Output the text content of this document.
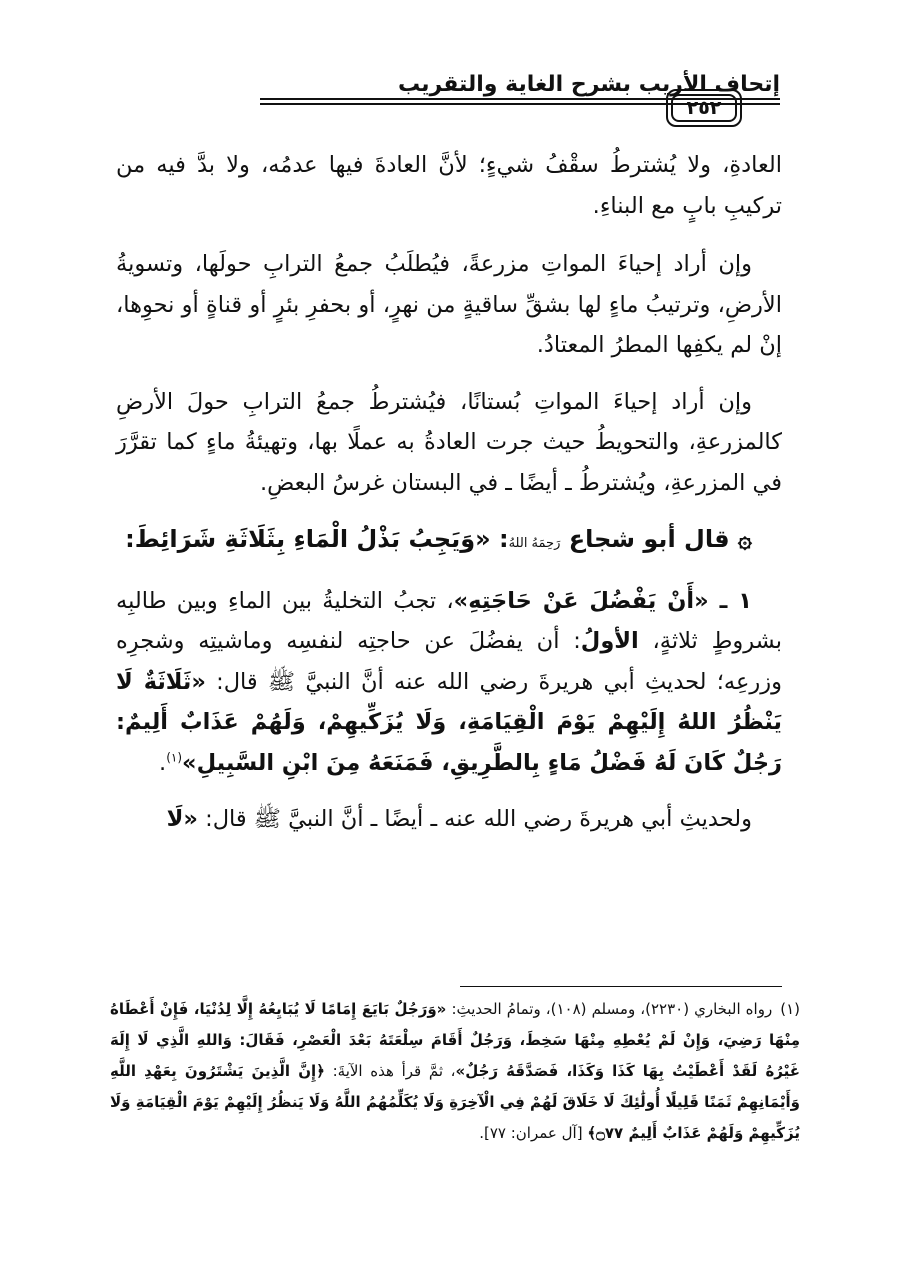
إتحاف الأريب بشرح الغاية والتقريب
٢٥٢

العادةِ، ولا يُشترطُ سقْفُ شيءٍ؛ لأنَّ العادةَ فيها عدمُه، ولا بدَّ فيه من تركيبِ بابٍ مع البناءِ.

وإن أراد إحياءَ المواتِ مزرعةً، فيُطلَبُ جمعُ الترابِ حولَها، وتسويةُ الأرضِ، وترتيبُ ماءٍ لها بشقِّ ساقيةٍ من نهرٍ، أو بحفرِ بئرٍ أو قناةٍ أو نحوِها، إنْ لم يكفِها المطرُ المعتادُ.

وإن أراد إحياءَ المواتِ بُستانًا، فيُشترطُ جمعُ الترابِ حولَ الأرضِ كالمزرعةِ، والتحويطُ حيث جرت العادةُ به عملًا بها، وتهيئةُ ماءٍ كما تقرَّرَ في المزرعةِ، ويُشترطُ ـ أيضًا ـ في البستان غرسُ البعضِ.

۞ قال أبو شجاع رَحِمَهُ اللهُ: «وَيَجِبُ بَذْلُ الْمَاءِ بِثَلَاثَةِ شَرَائِطَ:

١ ـ «أَنْ يَفْضُلَ عَنْ حَاجَتِهِ»، تجبُ التخليةُ بين الماءِ وبين طالبِه بشروطٍ ثلاثةٍ، الأولُ: أن يفضُلَ عن حاجتِه لنفسِه وماشيتِه وشجرِه وزرعِه؛ لحديثِ أبي هريرةَ رضي الله عنه أنَّ النبيَّ ﷺ قال: «ثَلَاثَةٌ لَا يَنْظُرُ اللهُ إِلَيْهِمْ يَوْمَ الْقِيَامَةِ، وَلَا يُزَكِّيهِمْ، وَلَهُمْ عَذَابٌ أَلِيمٌ: رَجُلٌ كَانَ لَهُ فَضْلُ مَاءٍ بِالطَّرِيقِ، فَمَنَعَهُ مِنَ ابْنِ السَّبِيلِ»$^{(١)}$.

ولحديثِ أبي هريرةَ رضي الله عنه ـ أيضًا ـ أنَّ النبيَّ ﷺ قال: «لَا

(١)رواه البخاري (٢٢٣٠)، ومسلم (١٠٨)، وتمامُ الحديثِ: «وَرَجُلٌ بَايَعَ إِمَامًا لَا يُبَايِعُهُ إِلَّا لِدُنْيَا، فَإِنْ أَعْطَاهُ مِنْهَا رَضِيَ، وَإِنْ لَمْ يُعْطِهِ مِنْهَا سَخِطَ، وَرَجُلٌ أَقَامَ سِلْعَتَهُ بَعْدَ الْعَصْرِ، فَقَالَ: وَاللهِ الَّذِي لَا إِلَهَ غَيْرُهُ لَقَدْ أَعْطَيْتُ بِهَا كَذَا وَكَذَا، فَصَدَّقَهُ رَجُلٌ»، ثمَّ قرأ هذه الآيةَ: ﴿إِنَّ الَّذِينَ يَشْتَرُونَ بِعَهْدِ اللَّهِ وَأَيْمَانِهِمْ ثَمَنًا قَلِيلًا أُولَٰئِكَ لَا خَلَاقَ لَهُمْ فِي الْآخِرَةِ وَلَا يُكَلِّمُهُمُ اللَّهُ وَلَا يَنظُرُ إِلَيْهِمْ يَوْمَ الْقِيَامَةِ وَلَا يُزَكِّيهِمْ وَلَهُمْ عَذَابٌ أَلِيمٌ ۝٧٧﴾ [آل عمران: ٧٧].
